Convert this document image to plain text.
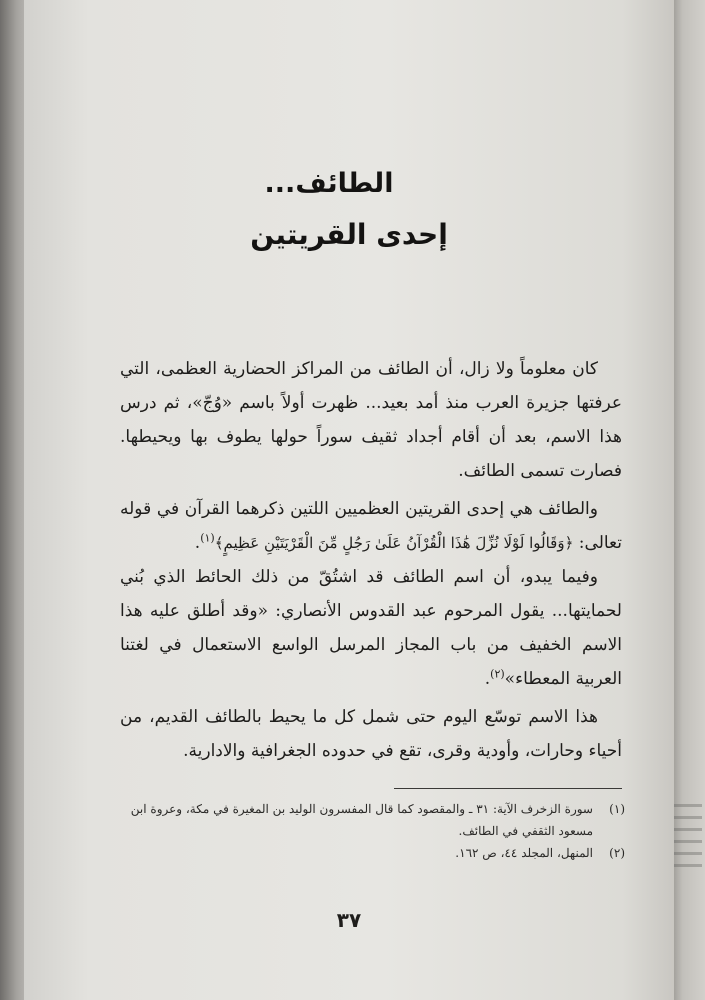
الطائف...
إحدى القريتين
كان معلوماً ولا زال، أن الطائف من المراكز الحضارية العظمى، التي عرفتها جزيرة العرب منذ أمد بعيد... ظهرت أولاً باسم «وُجّ»، ثم درس هذا الاسم، بعد أن أقام أجداد ثقيف سوراً حولها يطوف بها ويحيطها. فصارت تسمى الطائف.
والطائف هي إحدى القريتين العظميين اللتين ذكرهما القرآن في قوله تعالى: ﴿وَقَالُوا لَوْلَا نُزِّلَ هَٰذَا الْقُرْآنُ عَلَىٰ رَجُلٍ مِّنَ الْقَرْيَتَيْنِ عَظِيمٍ﴾$^{(١)}$.
وفيما يبدو، أن اسم الطائف قد اشتُقّ من ذلك الحائط الذي بُني لحمايتها... يقول المرحوم عبد القدوس الأنصاري: «وقد أطلق عليه هذا الاسم الخفيف من باب المجاز المرسل الواسع الاستعمال في لغتنا العربية المعطاء»$^{(٢)}$.
هذا الاسم توسّع اليوم حتى شمل كل ما يحيط بالطائف القديم، من أحياء وحارات، وأودية وقرى، تقع في حدوده الجغرافية والادارية.
(١)
سورة الزخرف الآية: ٣١ ـ والمقصود كما قال المفسرون الوليد بن المغيرة في مكة، وعروة ابن مسعود الثقفي في الطائف.
(٢)
المنهل، المجلد ٤٤، ص ١٦٢.
٣٧
